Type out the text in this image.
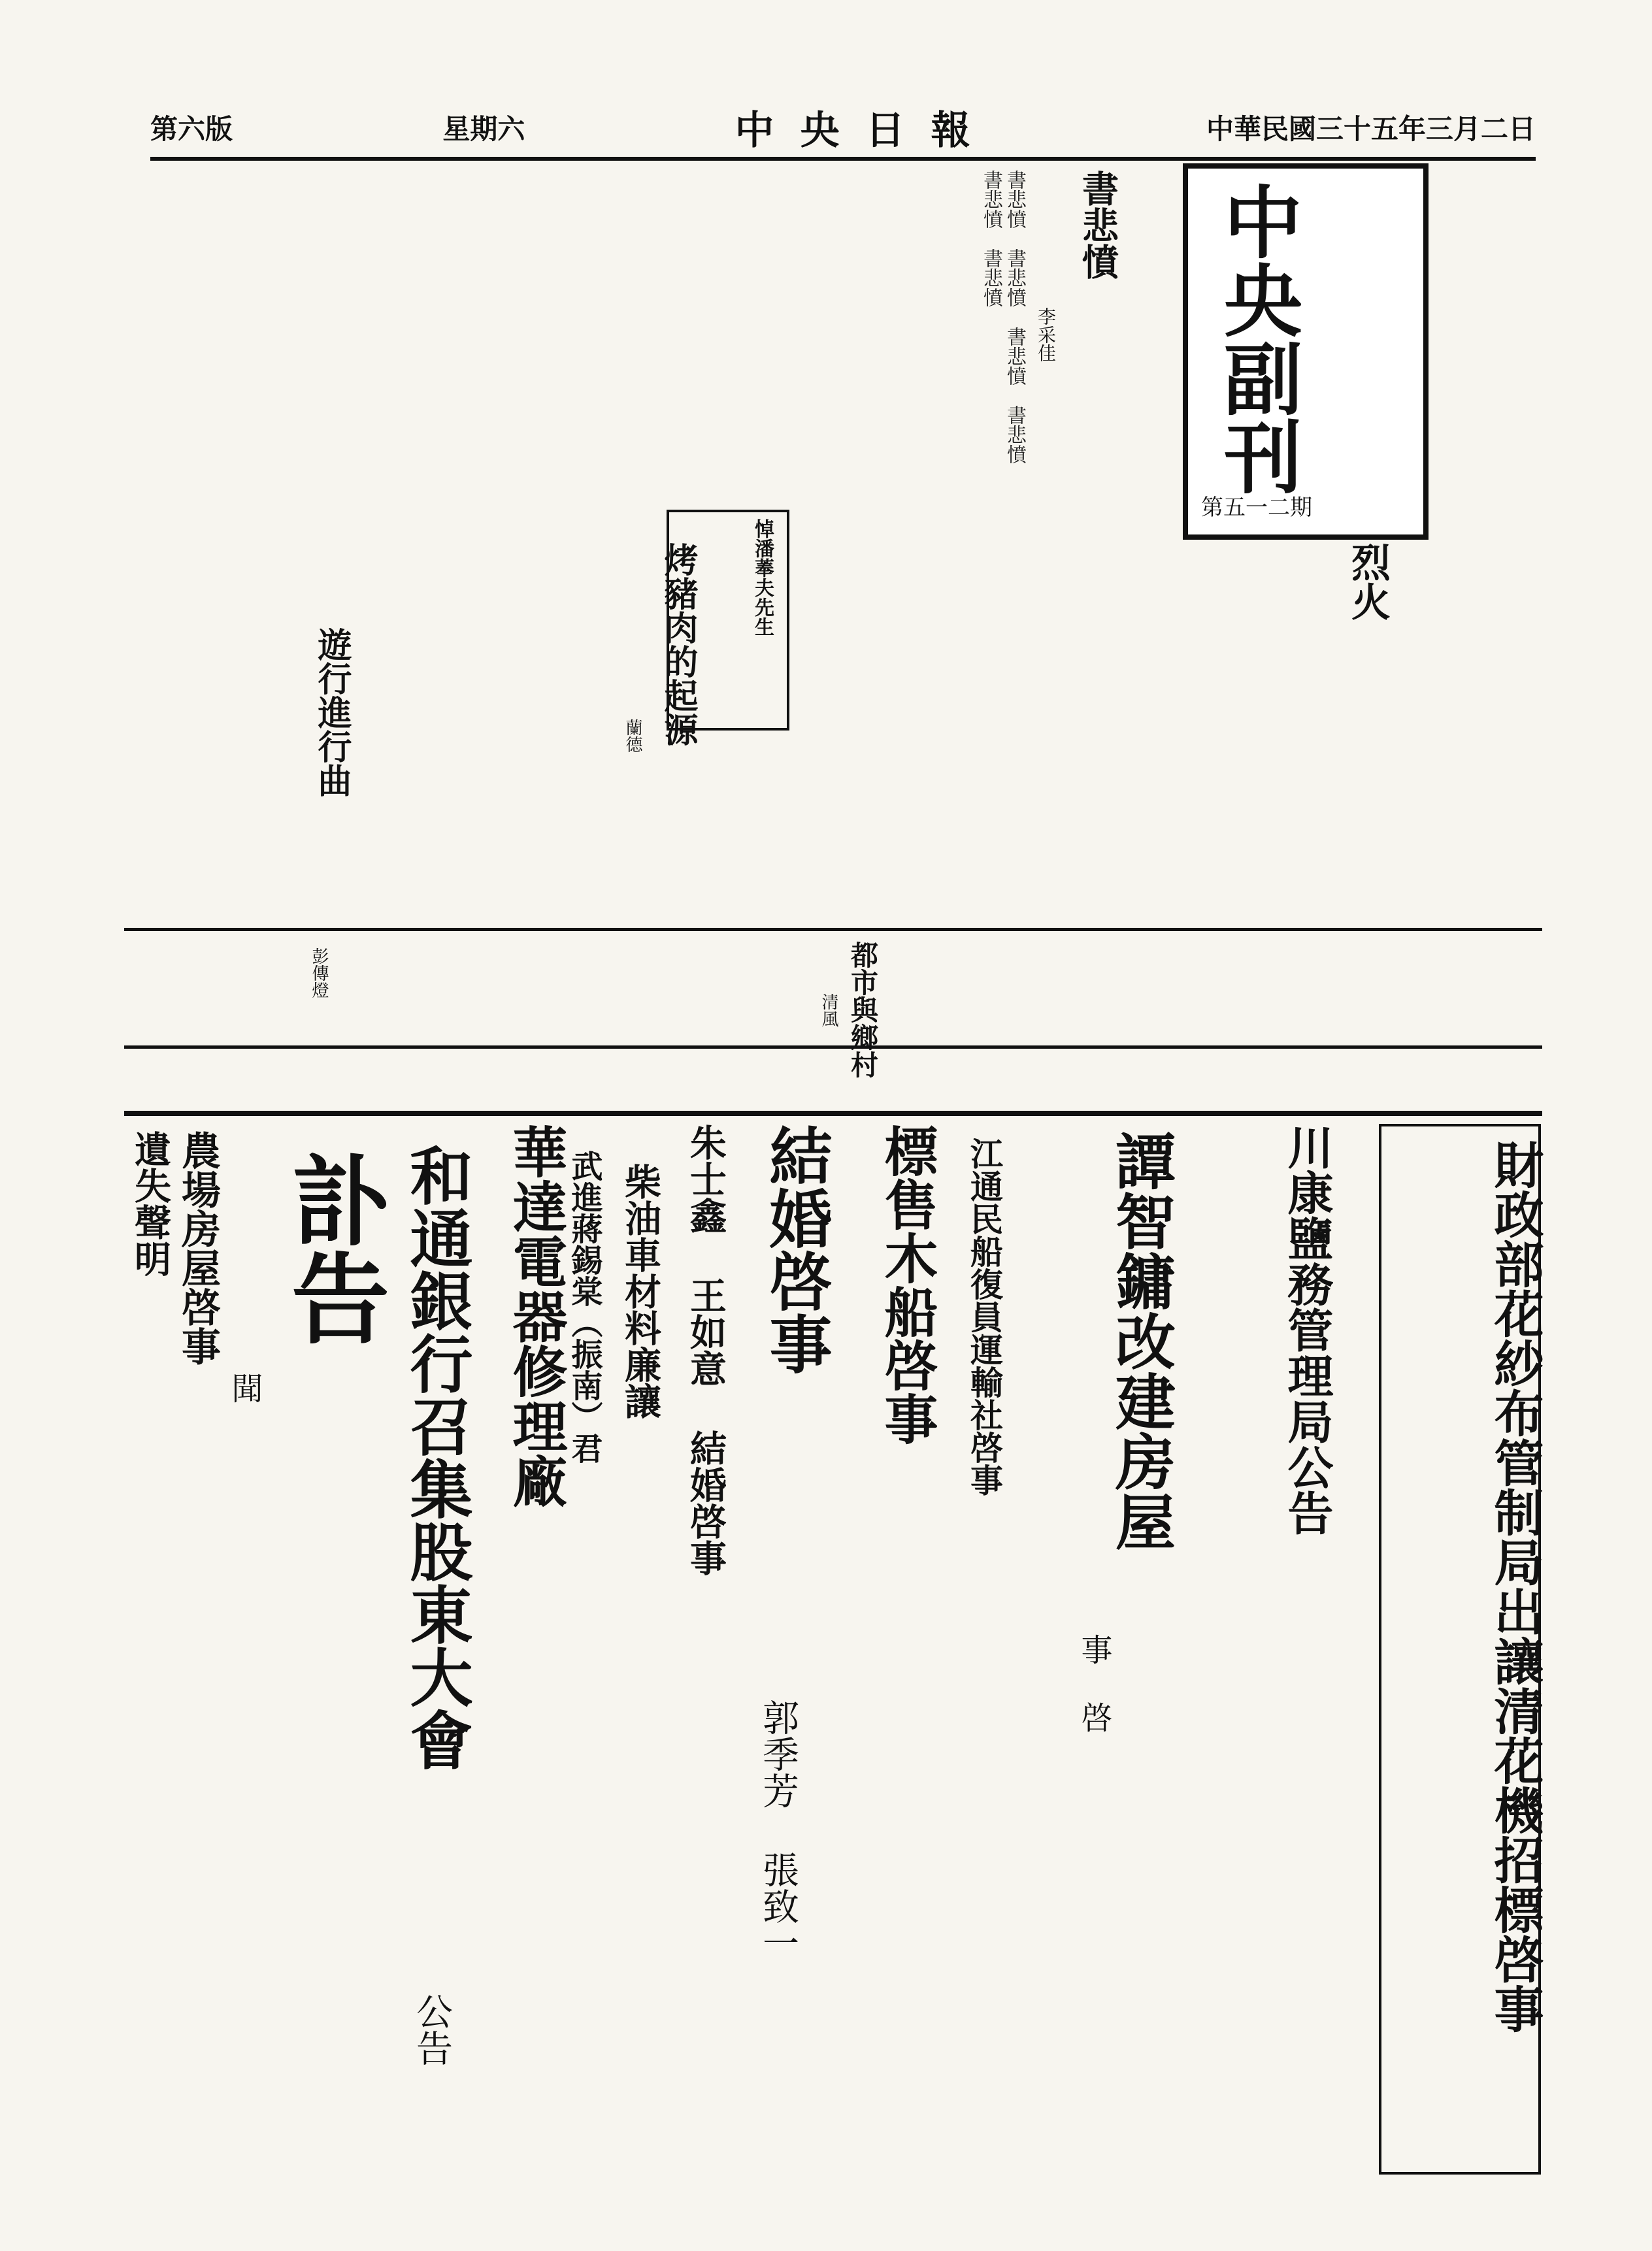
第六版	星期六	中央日報	中華民國三十五年三月二日
中央副刊
第五一二期
書悲憤
李采佳
書悲憤　書悲憤　書悲憤　書悲憤　書悲憤　書悲憤
烈火
烤豬肉的起源
蘭德
悼潘菶夫先生
遊行進行曲
彭傳燈	都市與鄉村
清風
財政部花紗布管制局出讓清花機招標啓事
川康鹽務管理局公告
譚智鏞改建房屋
事 啓
江通民船復員運輸社啓事
標售木船啓事
結婚啓事
郭季芳 張致一
朱士鑫 王如意 結婚啓事
柴油車材料廉讓
武進蔣錫棠（振南）君
華達電器修理廠
和通銀行召集股東大會
公告
訃告
聞
農場房屋啓事
遺失聲明
